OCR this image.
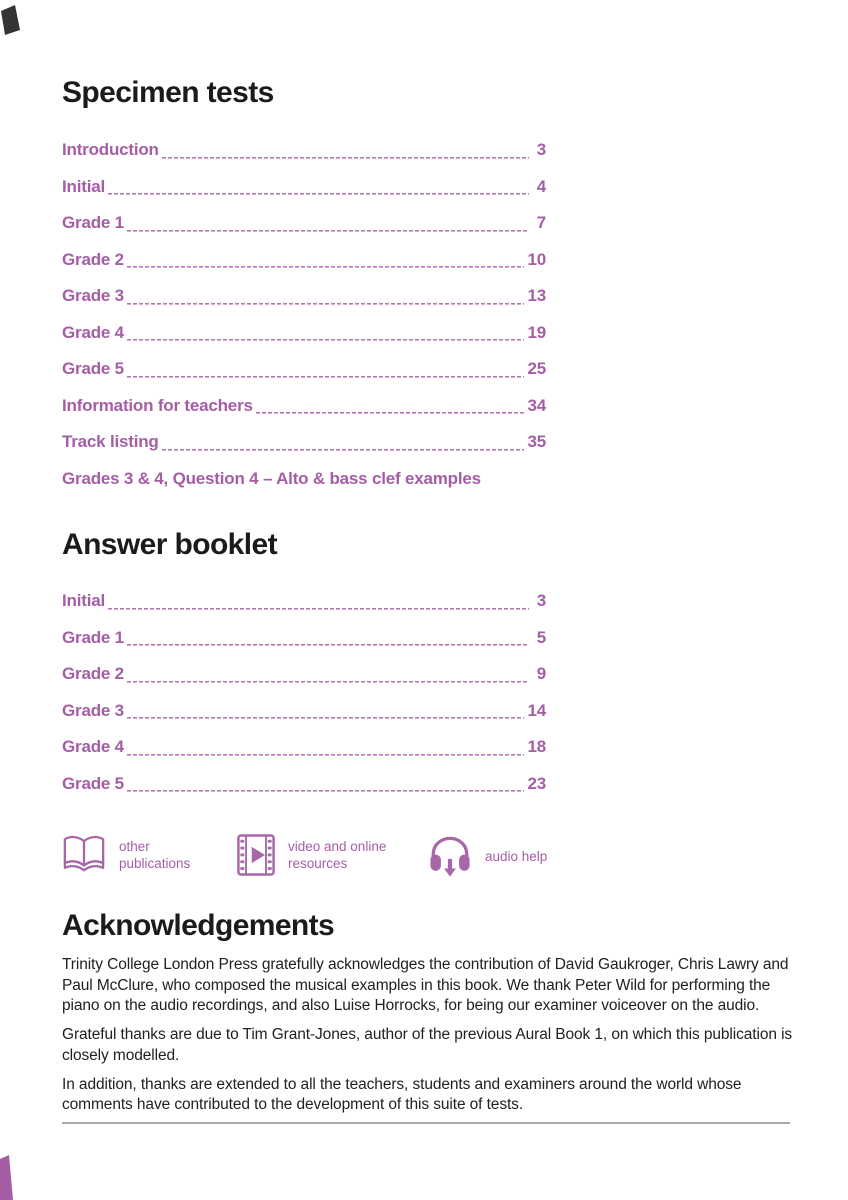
Specimen tests
Introduction	3
Initial	4
Grade 1	7
Grade 2	10
Grade 3	13
Grade 4	19
Grade 5	25
Information for teachers	34
Track listing	35
Grades 3 & 4, Question 4 – Alto & bass clef examples
Answer booklet
Initial	3
Grade 1	5
Grade 2	9
Grade 3	14
Grade 4	18
Grade 5	23
other publications
video and online resources	audio help
Acknowledgements

Trinity College London Press gratefully acknowledges the contribution of David Gaukroger, Chris Lawry and Paul McClure, who composed the musical examples in this book. We thank Peter Wild for performing the piano on the audio recordings, and also Luise Horrocks, for being our examiner voiceover on the audio.

Grateful thanks are due to Tim Grant-Jones, author of the previous Aural Book 1, on which this publication is closely modelled.

In addition, thanks are extended to all the teachers, students and examiners around the world whose comments have contributed to the development of this suite of tests.
